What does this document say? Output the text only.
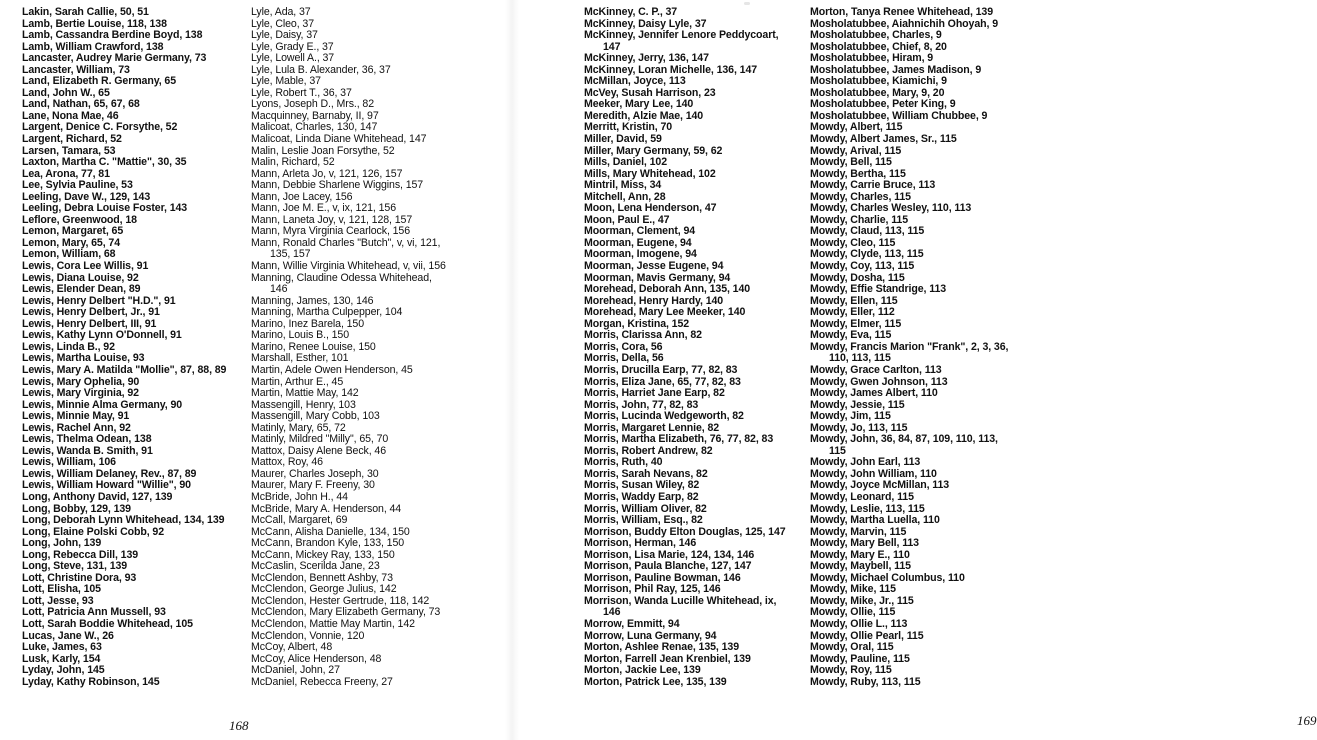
Lakin, Sarah Callie, 50, 51
Lamb, Bertie Louise, 118, 138
Lamb, Cassandra Berdine Boyd, 138
Lamb, William Crawford, 138
Lancaster, Audrey Marie Germany, 73
Lancaster, William, 73
Land, Elizabeth R. Germany, 65
Land, John W., 65
Land, Nathan, 65, 67, 68
Lane, Nona Mae, 46
Largent, Denice C. Forsythe, 52
Largent, Richard, 52
Larsen, Tamara, 53
Laxton, Martha C. "Mattie", 30, 35
Lea, Arona, 77, 81
Lee, Sylvia Pauline, 53
Leeling, Dave W., 129, 143
Leeling, Debra Louise Foster, 143
Leflore, Greenwood, 18
Lemon, Margaret, 65
Lemon, Mary, 65, 74
Lemon, William, 68
Lewis, Cora Lee Willis, 91
Lewis, Diana Louise, 92
Lewis, Elender Dean, 89
Lewis, Henry Delbert "H.D.", 91
Lewis, Henry Delbert, Jr., 91
Lewis, Henry Delbert, III, 91
Lewis, Kathy Lynn O'Donnell, 91
Lewis, Linda B., 92
Lewis, Martha Louise, 93
Lewis, Mary A. Matilda "Mollie", 87, 88, 89
Lewis, Mary Ophelia, 90
Lewis, Mary Virginia, 92
Lewis, Minnie Alma Germany, 90
Lewis, Minnie May, 91
Lewis, Rachel Ann, 92
Lewis, Thelma Odean, 138
Lewis, Wanda B. Smith, 91
Lewis, William, 106
Lewis, William Delaney, Rev., 87, 89
Lewis, William Howard "Willie", 90
Long, Anthony David, 127, 139
Long, Bobby, 129, 139
Long, Deborah Lynn Whitehead, 134, 139
Long, Elaine Polski Cobb, 92
Long, John, 139
Long, Rebecca Dill, 139
Long, Steve, 131, 139
Lott, Christine Dora, 93
Lott, Elisha, 105
Lott, Jesse, 93
Lott, Patricia Ann Mussell, 93
Lott, Sarah Boddie Whitehead, 105
Lucas, Jane W., 26
Luke, James, 63
Lusk, Karly, 154
Lyday, John, 145
Lyday, Kathy Robinson, 145
Lyle, Ada, 37
Lyle, Cleo, 37
Lyle, Daisy, 37
Lyle, Grady E., 37
Lyle, Lowell A., 37
Lyle, Lula B. Alexander, 36, 37
Lyle, Mable, 37
Lyle, Robert T., 36, 37
Lyons, Joseph D., Mrs., 82
Macquinney, Barnaby, II, 97
Malicoat, Charles, 130, 147
Malicoat, Linda Diane Whitehead, 147
Malin, Leslie Joan Forsythe, 52
Malin, Richard, 52
Mann, Arleta Jo, v, 121, 126, 157
Mann, Debbie Sharlene Wiggins, 157
Mann, Joe Lacey, 156
Mann, Joe M. E., v, ix, 121, 156
Mann, Laneta Joy, v, 121, 128, 157
Mann, Myra Virginia Cearlock, 156
Mann, Ronald Charles "Butch", v, vi, 121,
135, 157
Mann, Willie Virginia Whitehead, v, vii, 156
Manning, Claudine Odessa Whitehead,
146
Manning, James, 130, 146
Manning, Martha Culpepper, 104
Marino, Inez Barela, 150
Marino, Louis B., 150
Marino, Renee Louise, 150
Marshall, Esther, 101
Martin, Adele Owen Henderson, 45
Martin, Arthur E., 45
Martin, Mattie May, 142
Massengill, Henry, 103
Massengill, Mary Cobb, 103
Matinly, Mary, 65, 72
Matinly, Mildred "Milly", 65, 70
Mattox, Daisy Alene Beck, 46
Mattox, Roy, 46
Maurer, Charles Joseph, 30
Maurer, Mary F. Freeny, 30
McBride, John H., 44
McBride, Mary A. Henderson, 44
McCall, Margaret, 69
McCann, Alisha Danielle, 134, 150
McCann, Brandon Kyle, 133, 150
McCann, Mickey Ray, 133, 150
McCaslin, Scerilda Jane, 23
McClendon, Bennett Ashby, 73
McClendon, George Julius, 142
McClendon, Hester Gertrude, 118, 142
McClendon, Mary Elizabeth Germany, 73
McClendon, Mattie May Martin, 142
McClendon, Vonnie, 120
McCoy, Albert, 48
McCoy, Alice Henderson, 48
McDaniel, John, 27
McDaniel, Rebecca Freeny, 27
168	169
McKinney, C. P., 37
McKinney, Daisy Lyle, 37
McKinney, Jennifer Lenore Peddycoart,
147
McKinney, Jerry, 136, 147
McKinney, Loran Michelle, 136, 147
McMillan, Joyce, 113
McVey, Susah Harrison, 23
Meeker, Mary Lee, 140
Meredith, Alzie Mae, 140
Merritt, Kristin, 70
Miller, David, 59
Miller, Mary Germany, 59, 62
Mills, Daniel, 102
Mills, Mary Whitehead, 102
Mintril, Miss, 34
Mitchell, Ann, 28
Moon, Lena Henderson, 47
Moon, Paul E., 47
Moorman, Clement, 94
Moorman, Eugene, 94
Moorman, Imogene, 94
Moorman, Jesse Eugene, 94
Moorman, Mavis Germany, 94
Morehead, Deborah Ann, 135, 140
Morehead, Henry Hardy, 140
Morehead, Mary Lee Meeker, 140
Morgan, Kristina, 152
Morris, Clarissa Ann, 82
Morris, Cora, 56
Morris, Della, 56
Morris, Drucilla Earp, 77, 82, 83
Morris, Eliza Jane, 65, 77, 82, 83
Morris, Harriet Jane Earp, 82
Morris, John, 77, 82, 83
Morris, Lucinda Wedgeworth, 82
Morris, Margaret Lennie, 82
Morris, Martha Elizabeth, 76, 77, 82, 83
Morris, Robert Andrew, 82
Morris, Ruth, 40
Morris, Sarah Nevans, 82
Morris, Susan Wiley, 82
Morris, Waddy Earp, 82
Morris, William Oliver, 82
Morris, William, Esq., 82
Morrison, Buddy Elton Douglas, 125, 147
Morrison, Herman, 146
Morrison, Lisa Marie, 124, 134, 146
Morrison, Paula Blanche, 127, 147
Morrison, Pauline Bowman, 146
Morrison, Phil Ray, 125, 146
Morrison, Wanda Lucille Whitehead, ix,
146
Morrow, Emmitt, 94
Morrow, Luna Germany, 94
Morton, Ashlee Renae, 135, 139
Morton, Farrell Jean Krenbiel, 139
Morton, Jackie Lee, 139
Morton, Patrick Lee, 135, 139
Morton, Tanya Renee Whitehead, 139
Mosholatubbee, Aiahnichih Ohoyah, 9
Mosholatubbee, Charles, 9
Mosholatubbee, Chief, 8, 20
Mosholatubbee, Hiram, 9
Mosholatubbee, James Madison, 9
Mosholatubbee, Kiamichi, 9
Mosholatubbee, Mary, 9, 20
Mosholatubbee, Peter King, 9
Mosholatubbee, William Chubbee, 9
Mowdy, Albert, 115
Mowdy, Albert James, Sr., 115
Mowdy, Arival, 115
Mowdy, Bell, 115
Mowdy, Bertha, 115
Mowdy, Carrie Bruce, 113
Mowdy, Charles, 115
Mowdy, Charles Wesley, 110, 113
Mowdy, Charlie, 115
Mowdy, Claud, 113, 115
Mowdy, Cleo, 115
Mowdy, Clyde, 113, 115
Mowdy, Coy, 113, 115
Mowdy, Dosha, 115
Mowdy, Effie Standrige, 113
Mowdy, Ellen, 115
Mowdy, Eller, 112
Mowdy, Elmer, 115
Mowdy, Eva, 115
Mowdy, Francis Marion "Frank", 2, 3, 36,
110, 113, 115
Mowdy, Grace Carlton, 113
Mowdy, Gwen Johnson, 113
Mowdy, James Albert, 110
Mowdy, Jessie, 115
Mowdy, Jim, 115
Mowdy, Jo, 113, 115
Mowdy, John, 36, 84, 87, 109, 110, 113,
115
Mowdy, John Earl, 113
Mowdy, John William, 110
Mowdy, Joyce McMillan, 113
Mowdy, Leonard, 115
Mowdy, Leslie, 113, 115
Mowdy, Martha Luella, 110
Mowdy, Marvin, 115
Mowdy, Mary Bell, 113
Mowdy, Mary E., 110
Mowdy, Maybell, 115
Mowdy, Michael Columbus, 110
Mowdy, Mike, 115
Mowdy, Mike, Jr., 115
Mowdy, Ollie, 115
Mowdy, Ollie L., 113
Mowdy, Ollie Pearl, 115
Mowdy, Oral, 115
Mowdy, Pauline, 115
Mowdy, Roy, 115
Mowdy, Ruby, 113, 115
